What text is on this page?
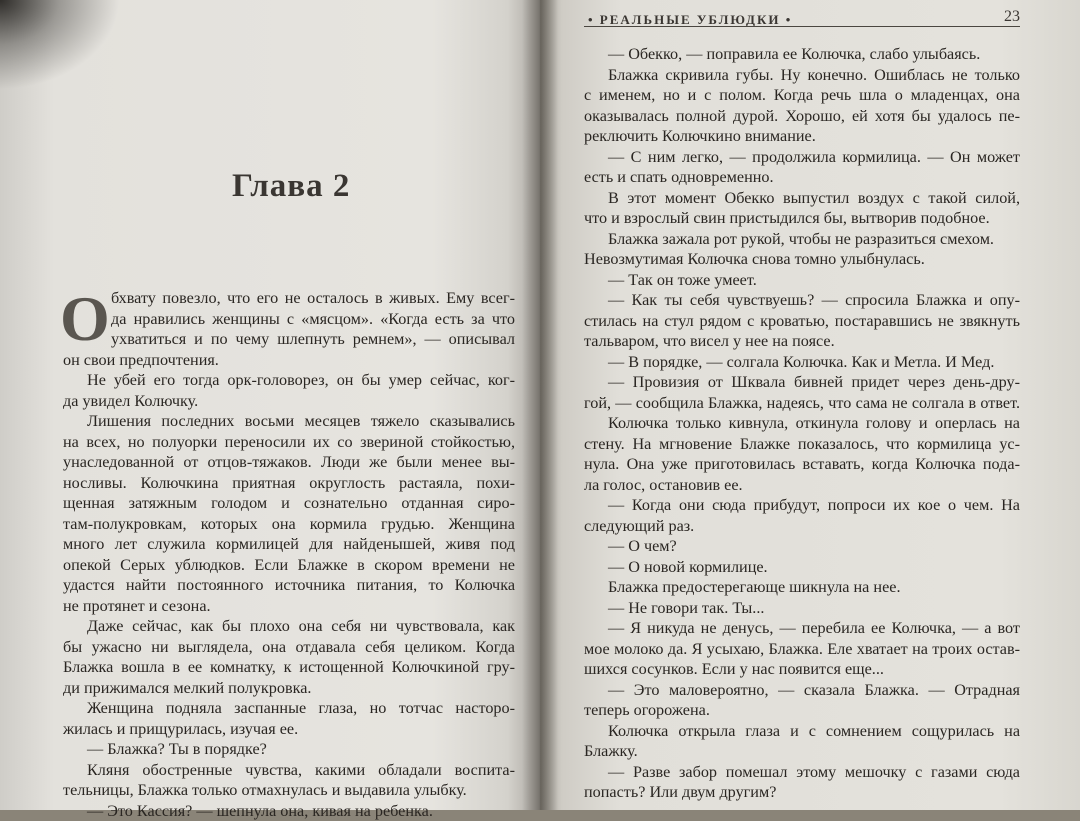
Глава 2
О бхвату повезло, что его не осталось в живых. Ему всег-
да нравились женщины с «мясцом». «Когда есть за что
ухватиться и по чему шлепнуть ремнем», — описывал
он свои предпочтения.
Не убей его тогда орк-головорез, он бы умер сейчас, ког-
да увидел Колючку.
Лишения последних восьми месяцев тяжело сказывались
на всех, но полуорки переносили их со звериной стойкостью,
унаследованной от отцов-тяжаков. Люди же были менее вы-
носливы. Колючкина приятная округлость растаяла, похи-
щенная затяжным голодом и сознательно отданная сиро-
там-полукровкам, которых она кормила грудью. Женщина
много лет служила кормилицей для найденышей, живя под
опекой Серых ублюдков. Если Блажке в скором времени не
удастся найти постоянного источника питания, то Колючка
не протянет и сезона.
Даже сейчас, как бы плохо она себя ни чувствовала, как
бы ужасно ни выглядела, она отдавала себя целиком. Когда
Блажка вошла в ее комнатку, к истощенной Колючкиной гру-
ди прижимался мелкий полукровка.
Женщина подняла заспанные глаза, но тотчас насторо-
жилась и прищурилась, изучая ее.
— Блажка? Ты в порядке?
Кляня обостренные чувства, какими обладали воспита-
тельницы, Блажка только отмахнулась и выдавила улыбку.
— Это Кассия? — шепнула она, кивая на ребенка.
• РЕАЛЬНЫЕ УБЛЮДКИ •	23
— Обекко, — поправила ее Колючка, слабо улыбаясь.
Блажка скривила губы. Ну конечно. Ошиблась не только
с именем, но и с полом. Когда речь шла о младенцах, она
оказывалась полной дурой. Хорошо, ей хотя бы удалось пе-
реключить Колючкино внимание.
— С ним легко, — продолжила кормилица. — Он может
есть и спать одновременно.
В этот момент Обекко выпустил воздух с такой силой,
что и взрослый свин пристыдился бы, вытворив подобное.
Блажка зажала рот рукой, чтобы не разразиться смехом.
Невозмутимая Колючка снова томно улыбнулась.
— Так он тоже умеет.
— Как ты себя чувствуешь? — спросила Блажка и опу-
стилась на стул рядом с кроватью, постаравшись не звякнуть
тальваром, что висел у нее на поясе.
— В порядке, — солгала Колючка. Как и Метла. И Мед.
— Провизия от Шквала бивней придет через день-дру-
гой, — сообщила Блажка, надеясь, что сама не солгала в ответ.
Колючка только кивнула, откинула голову и оперлась на
стену. На мгновение Блажке показалось, что кормилица ус-
нула. Она уже приготовилась вставать, когда Колючка пода-
ла голос, остановив ее.
— Когда они сюда прибудут, попроси их кое о чем. На
следующий раз.
— О чем?
— О новой кормилице.
Блажка предостерегающе шикнула на нее.
— Не говори так. Ты...
— Я никуда не денусь, — перебила ее Колючка, — а вот
мое молоко да. Я усыхаю, Блажка. Еле хватает на троих остав-
шихся сосунков. Если у нас появится еще...
— Это маловероятно, — сказала Блажка. — Отрадная
теперь огорожена.
Колючка открыла глаза и с сомнением сощурилась на
Блажку.
— Разве забор помешал этому мешочку с газами сюда
попасть? Или двум другим?
